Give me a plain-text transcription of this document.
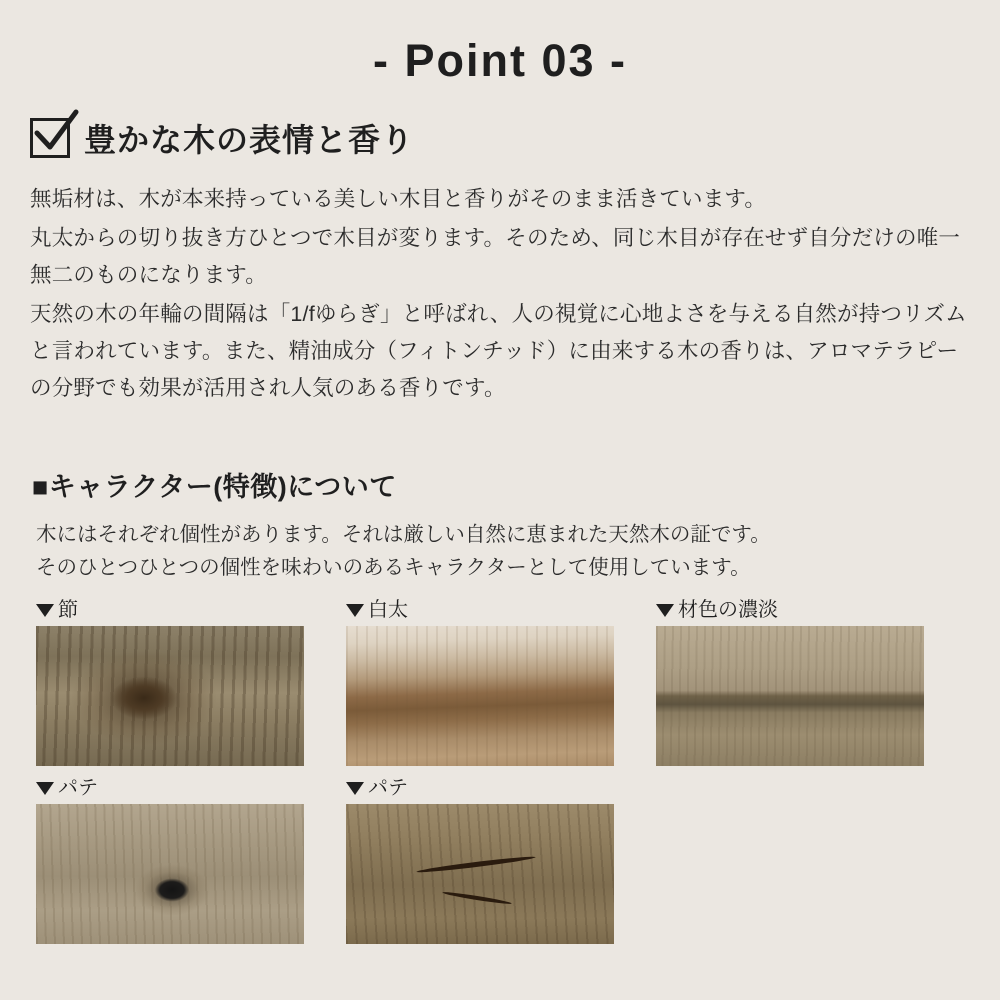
- Point 03 -
豊かな木の表情と香り

無垢材は、木が本来持っている美しい木目と香りがそのまま活きています。

丸太からの切り抜き方ひとつで木目が変ります。そのため、同じ木目が存在せず自分だけの唯一無二のものになります。

天然の木の年輪の間隔は「1/fゆらぎ」と呼ばれ、人の視覚に心地よさを与える自然が持つリズムと言われています。また、精油成分（フィトンチッド）に由来する木の香りは、アロマテラピーの分野でも効果が活用され人気のある香りです。

■キャラクター(特徴)について

木にはそれぞれ個性があります。それは厳しい自然に恵まれた天然木の証です。

そのひとつひとつの個性を味わいのあるキャラクターとして使用しています。

節	白太	材色の濃淡
パテ	パテ
